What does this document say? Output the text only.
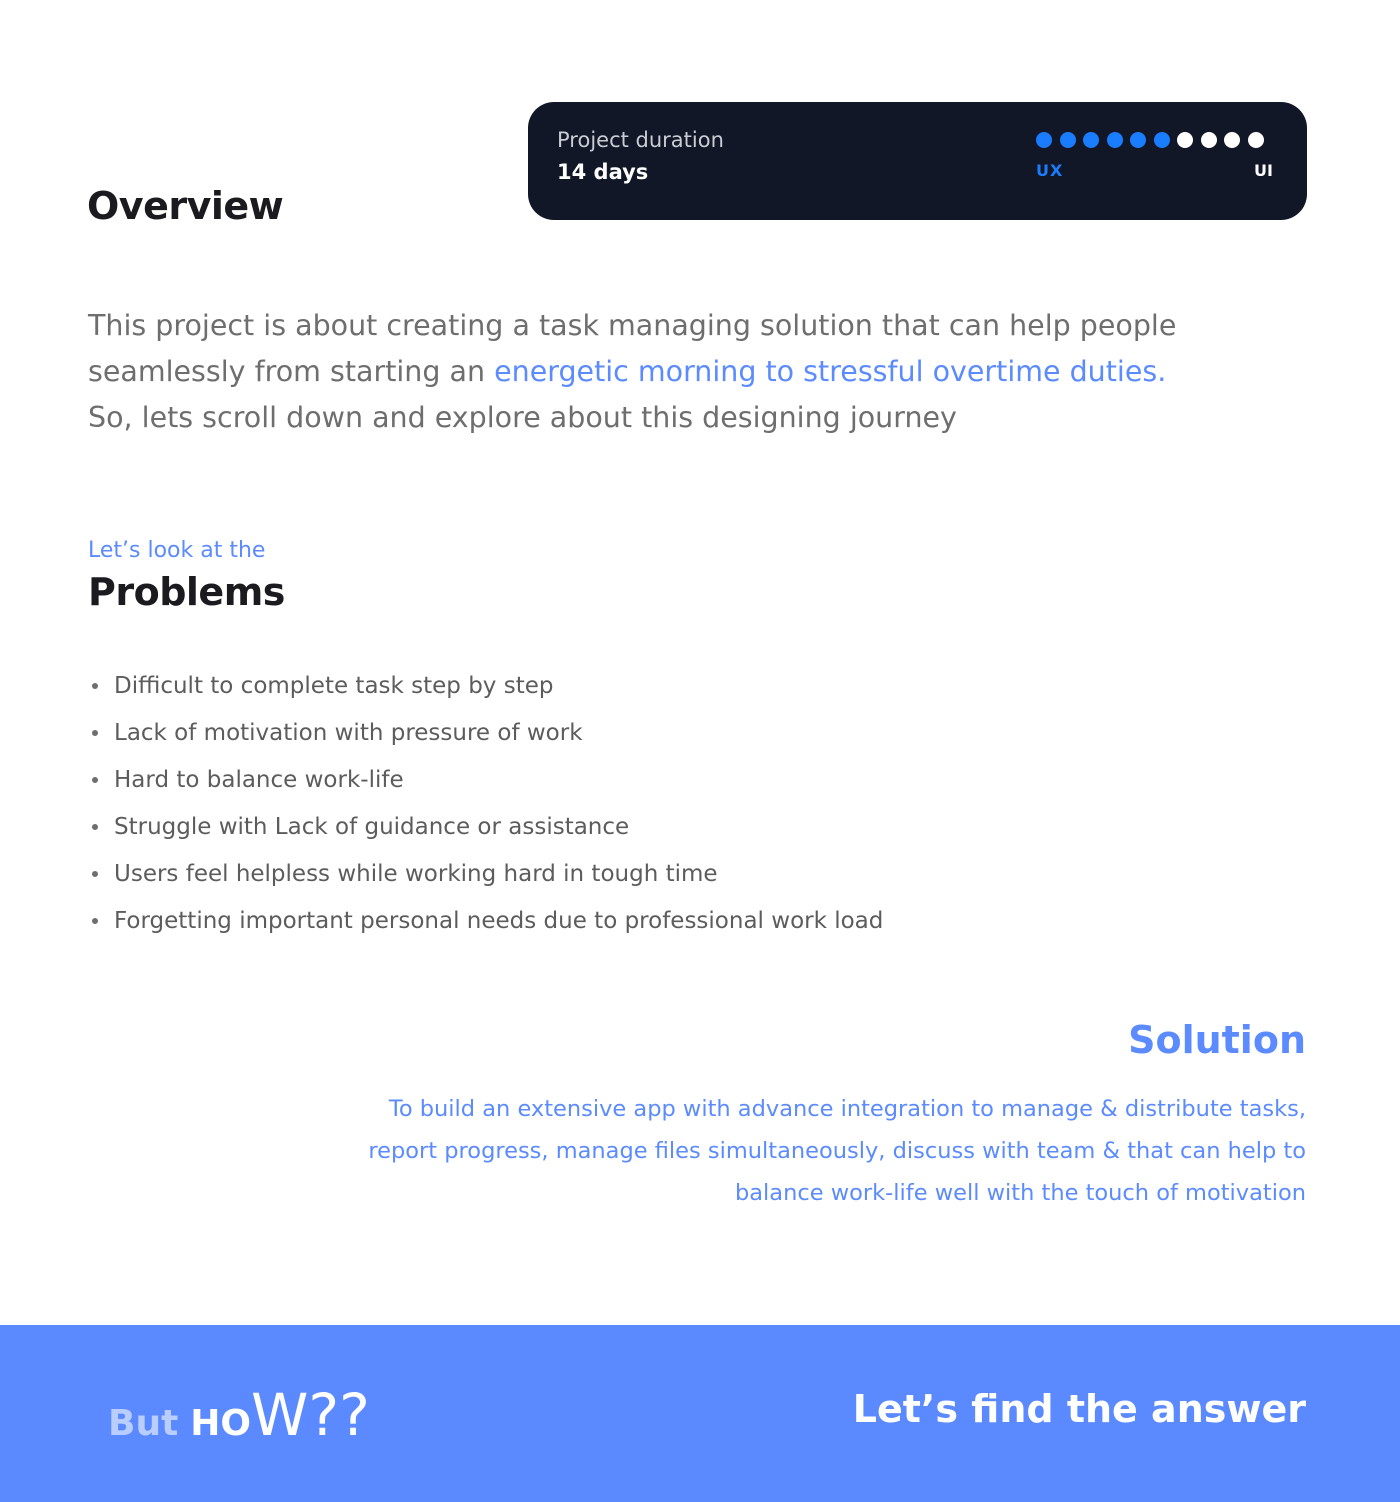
Project duration
14 days	UX	UI
Overview

This project is about creating a task managing solution that can help people seamlessly from starting an energetic morning to stressful overtime duties.
So, lets scroll down and explore about this designing journey

Let’s look at the
Problems
Difficult to complete task step by step
Lack of motivation with pressure of work
Hard to balance work-life
Struggle with Lack of guidance or assistance
Users feel helpless while working hard in tough time
Forgetting important personal needs due to professional work load
Solution

To build an extensive app with advance integration to manage & distribute tasks, report progress, manage files simultaneously, discuss with team & that can help to balance work-life well with the touch of motivation

But HO W??	Let’s find the answer
